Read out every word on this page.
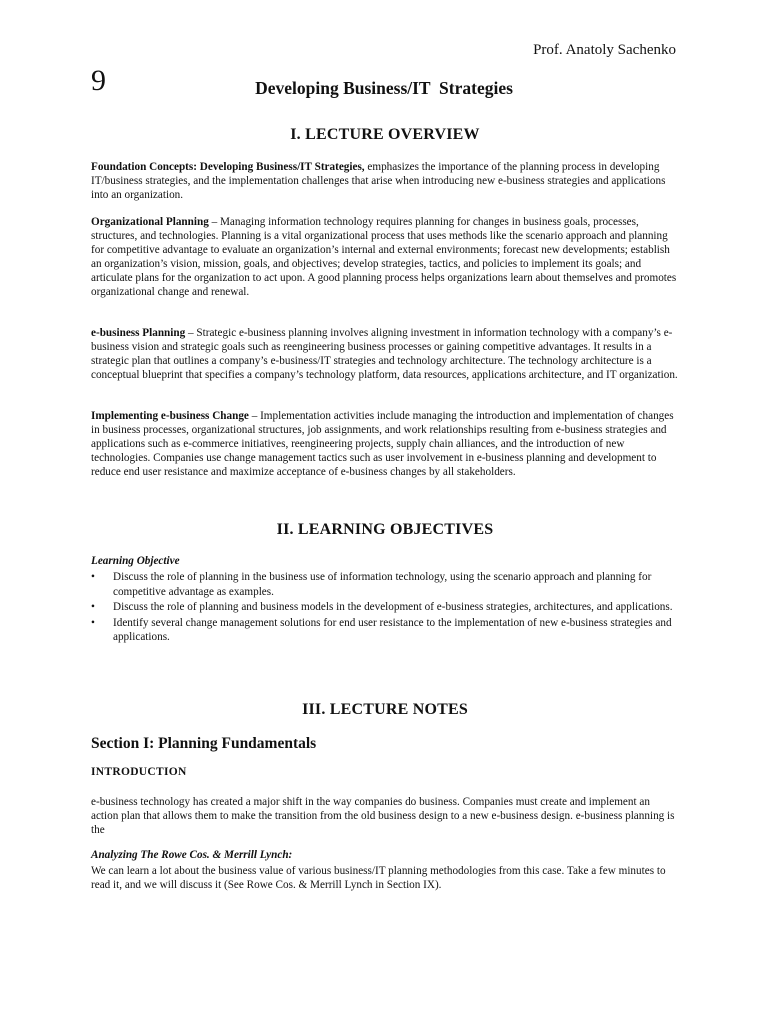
Prof. Anatoly Sachenko
9	Developing Business/IT  Strategies
I. LECTURE OVERVIEW
Foundation Concepts: Developing Business/IT Strategies, emphasizes the importance of the planning process in developing IT/business strategies, and the implementation challenges that arise when introducing new e-business strategies and applications into an organization.
Organizational Planning – Managing information technology requires planning for changes in business goals, processes, structures, and technologies. Planning is a vital organizational process that uses methods like the scenario approach and planning for competitive advantage to evaluate an organization’s internal and external environments; forecast new developments; establish an organization’s vision, mission, goals, and objectives; develop strategies, tactics, and policies to implement its goals; and articulate plans for the organization to act upon. A good planning process helps organizations learn about themselves and promotes organizational change and renewal.
e-business Planning – Strategic e-business planning involves aligning investment in information technology with a company’s e-business vision and strategic goals such as reengineering business processes or gaining competitive advantages. It results in a strategic plan that outlines a company’s e-business/IT strategies and technology architecture. The technology architecture is a conceptual blueprint that specifies a company’s technology platform, data resources, applications architecture, and IT organization.
Implementing e-business Change – Implementation activities include managing the introduction and implementation of changes in business processes, organizational structures, job assignments, and work relationships resulting from e-business strategies and applications such as e-commerce initiatives, reengineering projects, supply chain alliances, and the introduction of new technologies. Companies use change management tactics such as user involvement in e-business planning and development to reduce end user resistance and maximize acceptance of e-business changes by all stakeholders.
II. LEARNING OBJECTIVES
Learning Objective
• Discuss the role of planning in the business use of information technology, using the scenario approach and planning for competitive advantage as examples.
• Discuss the role of planning and business models in the development of e-business strategies, architectures, and applications.
• Identify several change management solutions for end user resistance to the implementation of new e-business strategies and applications.
III. LECTURE NOTES
Section I: Planning Fundamentals
INTRODUCTION
e-business technology has created a major shift in the way companies do business. Companies must create and implement an action plan that allows them to make the transition from the old business design to a new e-business design. e-business planning is the
Analyzing The Rowe Cos. & Merrill Lynch:
We can learn a lot about the business value of various business/IT planning methodologies from this case. Take a few minutes to read it, and we will discuss it (See Rowe Cos. & Merrill Lynch in Section IX).
